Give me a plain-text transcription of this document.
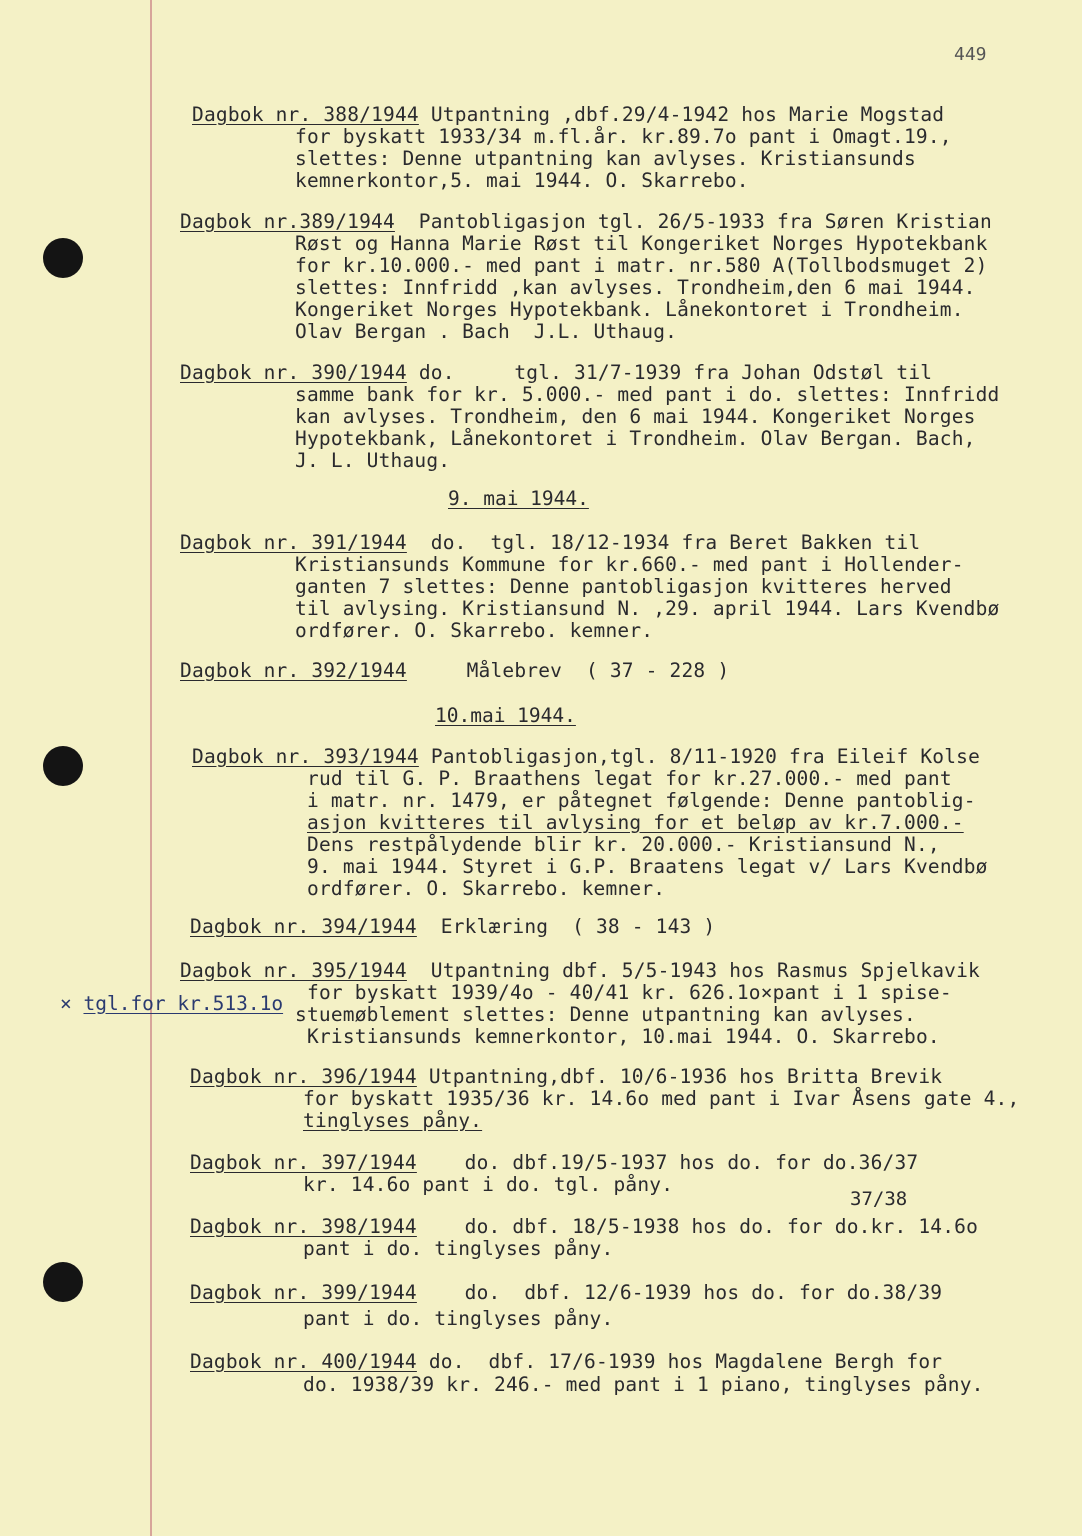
449
Dagbok nr. 388/1944 Utpantning ,dbf.29/4-1942 hos Marie Mogstad
for byskatt 1933/34 m.fl.år. kr.89.7o pant i Omagt.19.,
slettes: Denne utpantning kan avlyses. Kristiansunds
kemnerkontor,5. mai 1944. O. Skarrebo.
Dagbok nr.389/1944  Pantobligasjon tgl. 26/5-1933 fra Søren Kristian
Røst og Hanna Marie Røst til Kongeriket Norges Hypotekbank
for kr.10.000.- med pant i matr. nr.580 A(Tollbodsmuget 2)
slettes: Innfridd ,kan avlyses. Trondheim,den 6 mai 1944.
Kongeriket Norges Hypotekbank. Lånekontoret i Trondheim.
Olav Bergan . Bach  J.L. Uthaug.
Dagbok nr. 390/1944 do.     tgl. 31/7-1939 fra Johan Odstøl til
samme bank for kr. 5.000.- med pant i do. slettes: Innfridd
kan avlyses. Trondheim, den 6 mai 1944. Kongeriket Norges
Hypotekbank, Lånekontoret i Trondheim. Olav Bergan. Bach,
J. L. Uthaug.
9. mai 1944.
Dagbok nr. 391/1944  do.  tgl. 18/12-1934 fra Beret Bakken til
Kristiansunds Kommune for kr.660.- med pant i Hollender-
ganten 7 slettes: Denne pantobligasjon kvitteres herved
til avlysing. Kristiansund N. ,29. april 1944. Lars Kvendbø
ordfører. O. Skarrebo. kemner.
Dagbok nr. 392/1944     Målebrev  ( 37 - 228 )
10.mai 1944.
Dagbok nr. 393/1944 Pantobligasjon,tgl. 8/11-1920 fra Eileif Kolse
rud til G. P. Braathens legat for kr.27.000.- med pant
i matr. nr. 1479, er påtegnet følgende: Denne pantoblig-
asjon kvitteres til avlysing for et beløp av kr.7.000.-
Dens restpålydende blir kr. 20.000.- Kristiansund N.,
9. mai 1944. Styret i G.P. Braatens legat v/ Lars Kvendbø
ordfører. O. Skarrebo. kemner.
Dagbok nr. 394/1944  Erklæring  ( 38 - 143 )
Dagbok nr. 395/1944  Utpantning dbf. 5/5-1943 hos Rasmus Spjelkavik
for byskatt 1939/4o - 40/41 kr. 626.1o×pant i 1 spise-
stuemøblement slettes: Denne utpantning kan avlyses.
Kristiansunds kemnerkontor, 10.mai 1944. O. Skarrebo.
× tgl.for kr.513.1o
Dagbok nr. 396/1944 Utpantning,dbf. 10/6-1936 hos Britta Brevik
for byskatt 1935/36 kr. 14.6o med pant i Ivar Åsens gate 4.,
tinglyses påny.
Dagbok nr. 397/1944    do. dbf.19/5-1937 hos do. for do.36/37
kr. 14.6o pant i do. tgl. påny.
37/38
Dagbok nr. 398/1944    do. dbf. 18/5-1938 hos do. for do.kr. 14.6o
pant i do. tinglyses påny.
Dagbok nr. 399/1944    do.  dbf. 12/6-1939 hos do. for do.38/39
pant i do. tinglyses påny.
Dagbok nr. 400/1944 do.  dbf. 17/6-1939 hos Magdalene Bergh for
do. 1938/39 kr. 246.- med pant i 1 piano, tinglyses påny.
